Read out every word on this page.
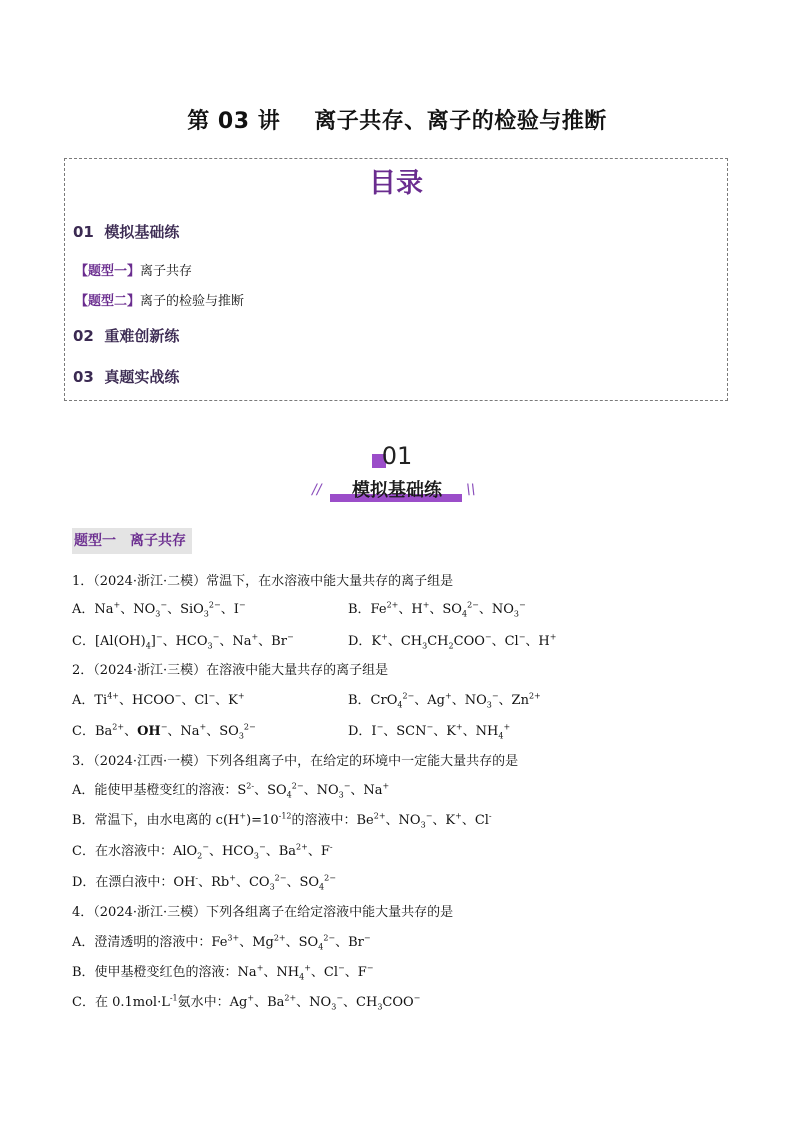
第 03 讲 离子共存、离子的检验与推断
目录
01 模拟基础练
【题型一】离子共存
【题型二】离子的检验与推断
02 重难创新练
03 真题实战练
01
//	\\
模拟基础练
题型一 离子共存
1．（2024·浙江·二模）常温下，在水溶液中能大量共存的离子组是
A．Na+、$NO_3^-$、SiO$_3^{2-}$、I−	B．$Fe^{2+}$、H+、$SO_4^{2-}$、$NO_3^-$
C．$[Al(OH)_4]^-$、$HCO_3^-$、Na+、Br−	D．K+、$CH_3CH_2COO^-$、Cl−、H+
2．（2024·浙江·三模）在溶液中能大量共存的离子组是
A．$Ti^{4+}$、HCOO−、Cl−、K+	B．CrO$_4^{2-}$、Ag+、$NO_3^-$、$Zn^{2+}$
C．$Ba^{2+}$、OH−、Na+、$SO_3^{2-}$	D．I−、SCN−、K+、$NH_4^+$
3．（2024·江西·一模）下列各组离子中，在给定的环境中一定能大量共存的是
A．能使甲基橙变红的溶液：$S^{2-}$、$SO_4^{2-}$、$NO_3^-$、Na+
B．常温下，由水电离的 $c(H^+)=10^{-12}$的溶液中：$Be^{2+}$、$NO_3^-$、K+、Cl-
C．在水溶液中：AlO$_2$−、$HCO_3^-$、$Ba^{2+}$、F-
D．在漂白液中：OH-、Rb+、$CO_3^{2-}$、$SO_4^{2-}$
4．（2024·浙江·三模）下列各组离子在给定溶液中能大量共存的是
A．澄清透明的溶液中：$Fe^{3+}$、$Mg^{2+}$、$SO_4^{2-}$、Br−
B．使甲基橙变红色的溶液：Na+、$NH_4^+$、Cl−、F−
C．在 $0.1mol\cdot L^{-1}$氨水中：Ag+、$Ba^{2+}$、$NO_3^-$、$CH_3COO^-$
